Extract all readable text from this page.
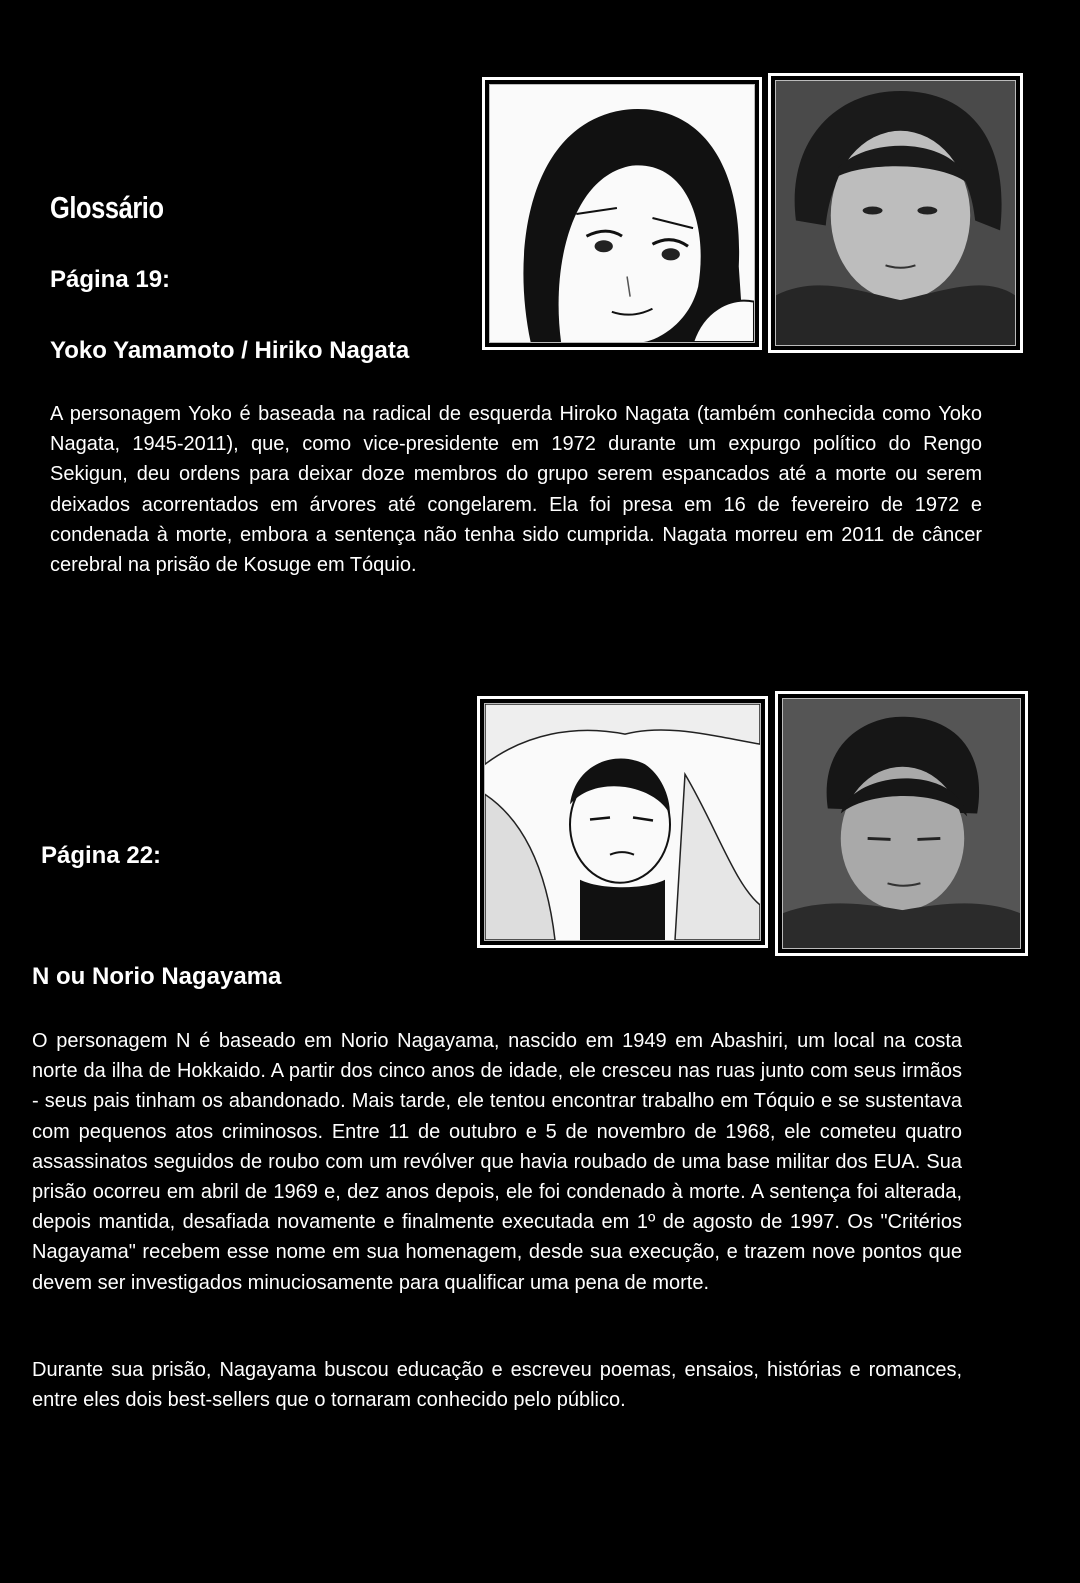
Glossário
Página 19:
Yoko Yamamoto / Hiriko Nagata
A personagem Yoko é baseada na radical de esquerda Hiroko Nagata (também conhecida como Yoko Nagata, 1945-2011), que, como vice-presidente em 1972 durante um expurgo político do Rengo Sekigun, deu ordens para deixar doze membros do grupo serem espancados até a morte ou serem deixados acorrentados em árvores até congelarem. Ela foi presa em 16 de fevereiro de 1972 e condenada à morte, embora a sentença não tenha sido cumprida. Nagata morreu em 2011 de câncer cerebral na prisão de Kosuge em Tóquio.
Página 22:
N ou Norio Nagayama
O personagem N é baseado em Norio Nagayama, nascido em 1949 em Abashiri, um local na costa norte da ilha de Hokkaido. A partir dos cinco anos de idade, ele cresceu nas ruas junto com seus irmãos - seus pais tinham os abandonado. Mais tarde, ele tentou encontrar trabalho em Tóquio e se sustentava com pequenos atos criminosos. Entre 11 de outubro e 5 de novembro de 1968, ele cometeu quatro assassinatos seguidos de roubo com um revólver que havia roubado de uma base militar dos EUA. Sua prisão ocorreu em abril de 1969 e, dez anos depois, ele foi condenado à morte. A sentença foi alterada, depois mantida, desafiada novamente e finalmente executada em 1º de agosto de 1997. Os "Critérios Nagayama" recebem esse nome em sua homenagem, desde sua execução, e trazem nove pontos que devem ser investigados minuciosamente para qualificar uma pena de morte.
Durante sua prisão, Nagayama buscou educação e escreveu poemas, ensaios, histórias e romances, entre eles dois best-sellers que o tornaram conhecido pelo público.
